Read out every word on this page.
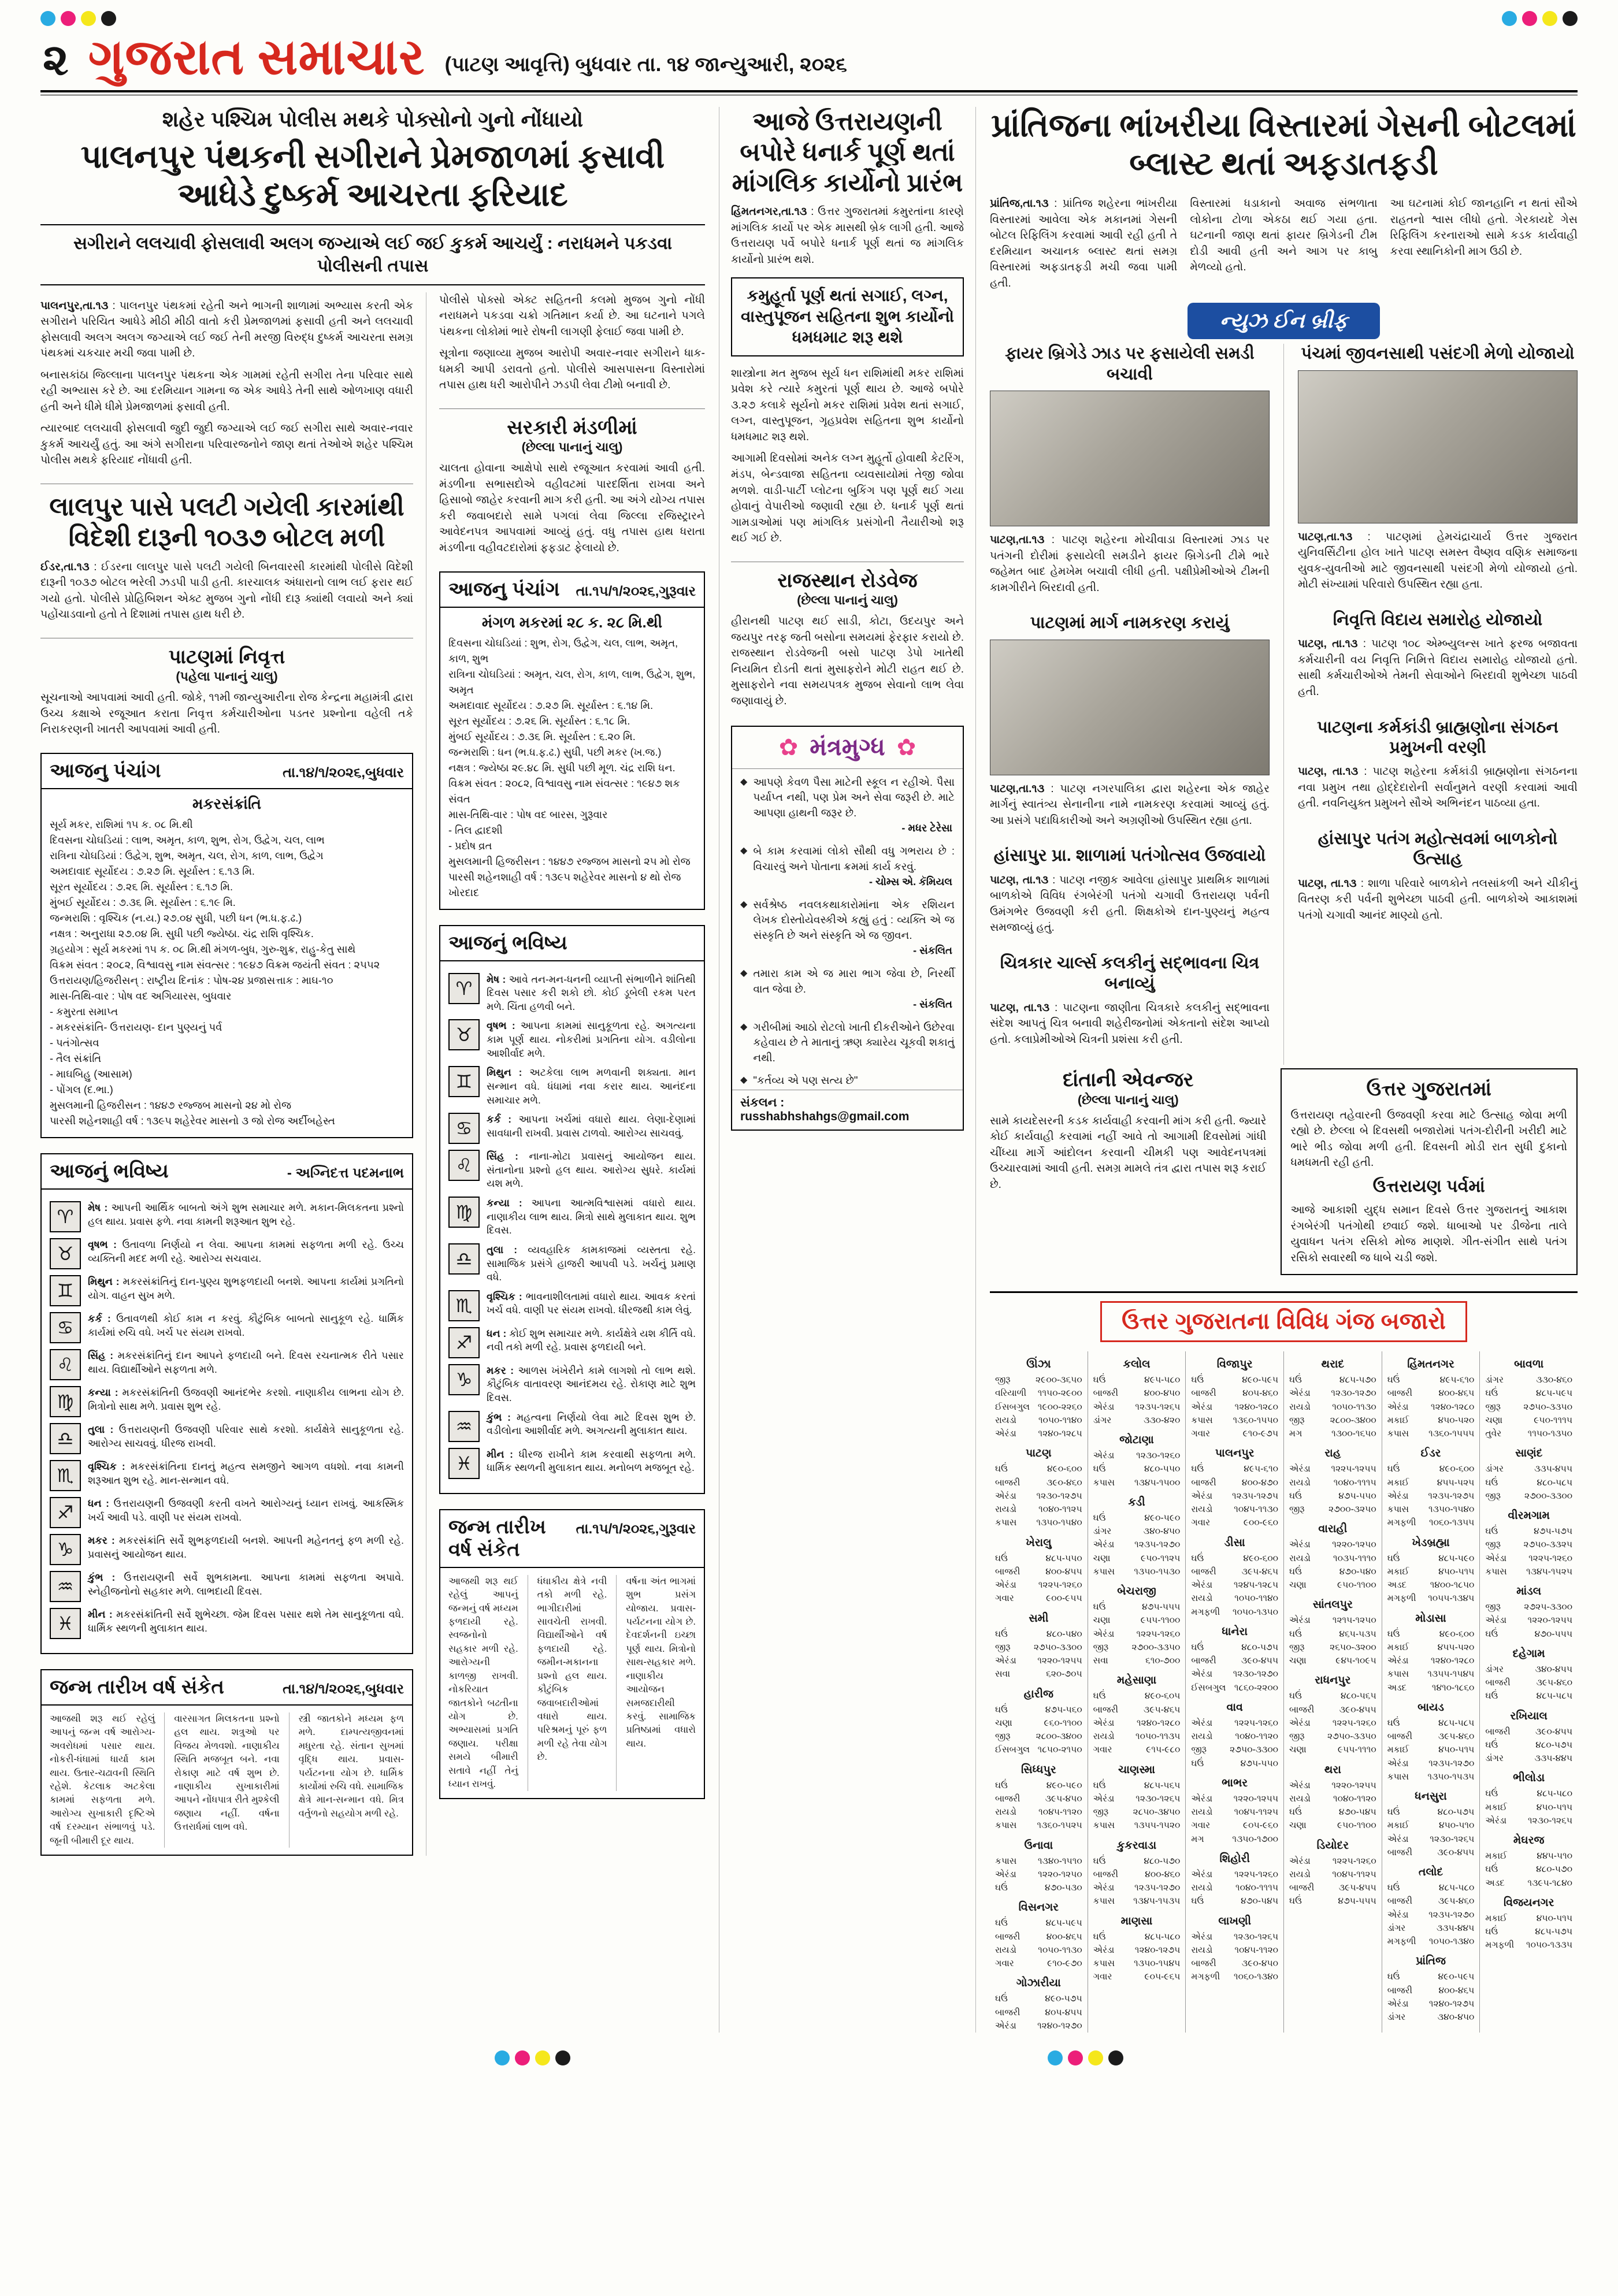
૨ ગુજરાત સમાચાર (પાટણ આવૃત્તિ) બુધવાર તા. ૧૪ જાન્યુઆરી, ૨૦૨૬
શહેર પશ્ચિમ પોલીસ મથકે પોક્સોનો ગુનો નોંધાયો
પાલનપુર પંથકની સગીરાને પ્રેમજાળમાં ફસાવી આધેડે દુષ્કર્મ આચરતા ફરિયાદ
સગીરાને લલચાવી ફોસલાવી અલગ જગ્યાએ લઈ જઈ કુકર્મ આચર્યું : નરાધમને પકડવા પોલીસની તપાસ

પાલનપુર,તા.૧૩ : પાલનપુર પંથકમાં રહેતી અને ભાગની શાળામાં અભ્યાસ કરતી એક સગીરાને પરિચિત આધેડે મીઠી મીઠી વાતો કરી પ્રેમજાળમાં ફસાવી હતી અને લલચાવી ફોસલાવી અલગ અલગ જગ્યાએ લઈ જઈ તેની મરજી વિરુદ્ધ દુષ્કર્મ આચરતા સમગ્ર પંથકમાં ચકચાર મચી જવા પામી છે.

બનાસકાંઠા જિલ્લાના પાલનપુર પંથકના એક ગામમાં રહેતી સગીરા તેના પરિવાર સાથે રહી અભ્યાસ કરે છે. આ દરમિયાન ગામના જ એક આધેડે તેની સાથે ઓળખાણ વધારી હતી અને ધીમે ધીમે પ્રેમજાળમાં ફસાવી હતી.

ત્યારબાદ લલચાવી ફોસલાવી જુદી જુદી જગ્યાએ લઈ જઈ સગીરા સાથે અવાર-નવાર કુકર્મ આચર્યું હતું. આ અંગે સગીરાના પરિવારજનોને જાણ થતાં તેઓએ શહેર પશ્ચિમ પોલીસ મથકે ફરિયાદ નોંધાવી હતી.

લાલપુર પાસે પલટી ગયેલી કારમાંથી વિદેશી દારૂની ૧૦૩૭ બોટલ મળી

ઈડર,તા.૧૩ : ઈડરના લાલપુર પાસે પલટી ગયેલી બિનવારસી કારમાંથી પોલીસે વિદેશી દારૂની ૧૦૩૭ બોટલ ભરેલી ઝડપી પાડી હતી. કારચાલક અંધારાનો લાભ લઈ ફરાર થઈ ગયો હતો. પોલીસે પ્રોહિબિશન એક્ટ મુજબ ગુનો નોંધી દારૂ ક્યાંથી લવાયો અને ક્યાં પહોંચાડવાનો હતો તે દિશામાં તપાસ હાથ ધરી છે.

પાટણમાં નિવૃત્ત
(પહેલા પાનાનું ચાલુ)

સૂચનાઓ આપવામાં આવી હતી. જોકે, ૧૧મી જાન્યુઆરીના રોજ કેન્દ્રના મહામંત્રી દ્વારા ઉચ્ચ કક્ષાએ રજૂઆત કરાતા નિવૃત્ત કર્મચારીઓના પડતર પ્રશ્નોના વહેલી તકે નિરાકરણની ખાતરી આપવામાં આવી હતી.

આજનુ પંચાંગ	તા.૧૪/૧/૨૦૨૬,બુધવાર
મકરસંક્રાંતિ
સૂર્ય મકર, રાશિમાં ૧૫ ક. ૦૮ મિ.થી
દિવસના ચોઘડિયાં : લાભ, અમૃત, કાળ, શુભ, રોગ, ઉદ્વેગ, ચલ, લાભ
રાત્રિના ચોઘડિયાં : ઉદ્વેગ, શુભ, અમૃત, ચલ, રોગ, કાળ, લાભ, ઉદ્વેગ
અમદાવાદ સૂર્યોદય : ૭.૨૭ મિ. સૂર્યાસ્ત : ૬.૧૩ મિ.
સૂરત સૂર્યોદય : ૭.૨૬ મિ. સૂર્યાસ્ત : ૬.૧૭ મિ.
મુંબઈ સૂર્યોદય : ૭.૩૬ મિ. સૂર્યાસ્ત : ૬.૧૯ મિ.
જન્મરાશિ : વૃશ્ચિક (ન.ય.) ૨૭.૦૪ સુધી, પછી ધન (ભ.ધ.ફ.ઢ.)
નક્ષત્ર : અનુરાધા ૨૭.૦૪ મિ. સુધી પછી જ્યેષ્ઠા. ચંદ્ર રાશિ વૃશ્ચિક.
ગ્રહયોગ : સૂર્ય મકરમાં ૧૫ ક. ૦૮ મિ.થી મંગળ-બુધ, ગુરુ-શુક્ર, રાહુ-કેતુ સાથે
વિક્રમ સંવત : ૨૦૮૨, વિશ્વાવસુ નામ સંવત્સર : ૧૯૪૭ વિક્રમ જયંતી સંવત : ૨૫૫૨
ઉત્તરાયણ/હિજરીસન્ : રાષ્ટ્રીય દિનાંક : પોષ-૨૪ પ્રજાસત્તાક : માઘ-૧૦
માસ-તિથિ-વાર : પોષ વદ અગિયારસ, બુધવાર
- કમુરતા સમાપ્ત
- મકરસંક્રાંતિ- ઉત્તરાયણ- દાન પુણ્યનું પર્વ
- પતંગોત્સવ
- તૈલ સંક્રાંતિ
- માઘબિહુ (આસામ)
- પોંગલ (દ.ભા.)
મુસલમાની હિજરીસન : ૧૪૪૭ રજ્જબ માસનો ૨૪ મો રોજ
પારસી શહેનશાહી વર્ષ : ૧૩૯૫ શહેરેવર માસનો ૩ જો રોજ અર્દીબહેસ્ત
આજનું ભવિષ્ય	- અગ્નિદત્ત પદમનાભ
♈	મેષ : આપની આર્થિક બાબતો અંગે શુભ સમાચાર મળે. મકાન-મિલકતના પ્રશ્નો હલ થાય. પ્રવાસ ફળે. નવા કામની શરૂઆત શુભ રહે.
♉	વૃષભ : ઉતાવળા નિર્ણયો ન લેવા. આપના કામમાં સફળતા મળી રહે. ઉચ્ચ વ્યક્તિની મદદ મળી રહે. આરોગ્ય સચવાય.
♊	મિથુન : મકરસંક્રાંતિનું દાન-પુણ્ય શુભફળદાયી બનશે. આપના કાર્યમાં પ્રગતિનો યોગ. વાહન સુખ મળે.
♋	કર્ક : ઉતાવળથી કોઈ કામ ન કરવું. કૌટુંબિક બાબતો સાનુકૂળ રહે. ધાર્મિક કાર્યમાં રુચિ વધે. ખર્ચ પર સંયમ રાખવો.
♌	સિંહ : મકરસંક્રાંતિનું દાન આપને ફળદાયી બને. દિવસ રચનાત્મક રીતે પસાર થાય. વિદ્યાર્થીઓને સફળતા મળે.
♍	કન્યા : મકરસંક્રાંતિની ઉજવણી આનંદભેર કરશો. નાણાકીય લાભના યોગ છે. મિત્રોનો સાથ મળે. પ્રવાસ શુભ રહે.
♎	તુલા : ઉત્તરાયણની ઉજવણી પરિવાર સાથે કરશો. કાર્યક્ષેત્રે સાનુકૂળતા રહે. આરોગ્ય સાચવવું. ધીરજ રાખવી.
♏	વૃશ્ચિક : મકરસંક્રાંતિના દાનનું મહત્વ સમજીને આગળ વધશો. નવા કામની શરૂઆત શુભ રહે. માન-સન્માન વધે.
♐	ધન : ઉત્તરાયણની ઉજવણી કરતી વખતે આરોગ્યનું ધ્યાન રાખવું. આકસ્મિક ખર્ચ આવી પડે. વાણી પર સંયમ રાખવો.
♑	મકર : મકરસંક્રાંતિ સર્વે શુભફળદાયી બનશે. આપની મહેનતનું ફળ મળી રહે. પ્રવાસનું આયોજન થાય.
♒	કુંભ : ઉત્તરાયણની સર્વે શુભકામના. આપના કામમાં સફળતા અપાવે. સ્નેહીજનોનો સહકાર મળે. લાભદાયી દિવસ.
♓	મીન : મકરસંક્રાંતિની સર્વે શુભેચ્છા. જેમ દિવસ પસાર થશે તેમ સાનુકૂળતા વધે. ધાર્મિક સ્થળની મુલાકાત થાય.
જન્મ તારીખ વર્ષ સંકેત	તા.૧૪/૧/૨૦૨૬,બુધવાર
આજથી શરૂ થઈ રહેલું આપનું જન્મ વર્ષ આરોગ્ય-અવરોધમાં પસાર થાય. નોકરી-ધંધામાં ધાર્યા કામ થાય. ઉતાર-ચઢાવની સ્થિતિ રહેશે. કેટલાક અટકેલા કામમાં સફળતા મળે. આરોગ્ય સુખાકારી દૃષ્ટિએ વર્ષ દરમ્યાન સંભાળવું પડે. જૂની બીમારી દૂર થાય.
વારસાગત મિલકતના પ્રશ્નો હલ થાય. શત્રુઓ પર વિજય મેળવશો. નાણાકીય સ્થિતિ મજબૂત બને. નવા રોકાણ માટે વર્ષ શુભ છે. નાણાકીય સુખાકારીમાં આપને નોંધપાત્ર રીતે મુશ્કેલી જણાય નહીં. વર્ષના ઉત્તરાર્ધમાં લાભ વધે.
સ્ત્રી જાતકોને મધ્યમ ફળ મળે. દામ્પત્યજીવનમાં મધુરતા રહે. સંતાન સુખમાં વૃદ્ધિ થાય. પ્રવાસ-પર્યટનના યોગ છે. ધાર્મિક કાર્યોમાં રુચિ વધે. સામાજિક ક્ષેત્રે માન-સન્માન વધે. મિત્ર વર્તુળનો સહયોગ મળી રહે.

પોલીસે પોક્સો એક્ટ સહિતની કલમો મુજબ ગુનો નોંધી નરાધમને પકડવા ચક્રો ગતિમાન કર્યા છે. આ ઘટનાને પગલે પંથકના લોકોમાં ભારે રોષની લાગણી ફેલાઈ જવા પામી છે.

સૂત્રોના જણાવ્યા મુજબ આરોપી અવાર-નવાર સગીરાને ધાક-ધમકી આપી ડરાવતો હતો. પોલીસે આસપાસના વિસ્તારોમાં તપાસ હાથ ધરી આરોપીને ઝડપી લેવા ટીમો બનાવી છે.

સરકારી મંડળીમાં
(છેલ્લા પાનાનું ચાલુ)

ચાલતા હોવાના આક્ષેપો સાથે રજૂઆત કરવામાં આવી હતી. મંડળીના સભાસદોએ વહીવટમાં પારદર્શિતા રાખવા અને હિસાબો જાહેર કરવાની માગ કરી હતી. આ અંગે યોગ્ય તપાસ કરી જવાબદારો સામે પગલાં લેવા જિલ્લા રજિસ્ટ્રારને આવેદનપત્ર આપવામાં આવ્યું હતું. વધુ તપાસ હાથ ધરાતા મંડળીના વહીવટદારોમાં ફફડાટ ફેલાયો છે.

આજનુ પંચાંગ તા.૧૫/૧/૨૦૨૬,ગુરૂવાર
મંગળ મકરમાં ૨૮ ક. ૨૮ મિ.થી
દિવસના ચોઘડિયાં : શુભ, રોગ, ઉદ્વેગ, ચલ, લાભ, અમૃત, કાળ, શુભ
રાત્રિના ચોઘડિયાં : અમૃત, ચલ, રોગ, કાળ, લાભ, ઉદ્વેગ, શુભ, અમૃત
અમદાવાદ સૂર્યોદય : ૭.૨૭ મિ. સૂર્યાસ્ત : ૬.૧૪ મિ.
સૂરત સૂર્યોદય : ૭.૨૬ મિ. સૂર્યાસ્ત : ૬.૧૮ મિ.
મુંબઈ સૂર્યોદય : ૭.૩૬ મિ. સૂર્યાસ્ત : ૬.૨૦ મિ.
જન્મરાશિ : ધન (ભ.ધ.ફ.ઢ.) સુધી, પછી મકર (ખ.જ.)
નક્ષત્ર : જ્યેષ્ઠા ૨૯.૪૮ મિ. સુધી પછી મૂળ. ચંદ્ર રાશિ ધન.
વિક્રમ સંવત : ૨૦૮૨, વિશ્વાવસુ નામ સંવત્સર : ૧૯૪૭ શક સંવત
માસ-તિથિ-વાર : પોષ વદ બારસ, ગુરૂવાર
- તિલ દ્વાદશી
- પ્રદોષ વ્રત
મુસલમાની હિજરીસન : ૧૪૪૭ રજ્જબ માસનો ૨૫ મો રોજ
પારસી શહેનશાહી વર્ષ : ૧૩૯૫ શહેરેવર માસનો ૪ થો રોજ ખોરદાદ
આજનું ભવિષ્ય
♈	મેષ : આવે તન-મન-ધનની વ્યાપ્તી સંભાળીને શાંતિથી દિવસ પસાર કરી શકો છો. કોઈ ડૂબેલી રકમ પરત મળે. ચિંતા હળવી બને.
♉	વૃષભ : આપના કામમાં સાનુકૂળતા રહે. અગત્યના કામ પૂર્ણ થાય. નોકરીમાં પ્રગતિના યોગ. વડીલોના આશીર્વાદ મળે.
♊	મિથુન : અટકેલા લાભ મળવાની શક્યતા. માન સન્માન વધે. ધંધામાં નવા કરાર થાય. આનંદના સમાચાર મળે.
♋	કર્ક : આપના ખર્ચમાં વધારો થાય. લેણા-દેણામાં સાવધાની રાખવી. પ્રવાસ ટાળવો. આરોગ્ય સાચવવું.
♌	સિંહ : નાના-મોટા પ્રવાસનું આયોજન થાય. સંતાનોના પ્રશ્નો હલ થાય. આરોગ્ય સુધરે. કાર્યમાં યશ મળે.
♍	કન્યા : આપના આત્મવિશ્વાસમાં વધારો થાય. નાણાકીય લાભ થાય. મિત્રો સાથે મુલાકાત થાય. શુભ દિવસ.
♎	તુલા : વ્યવહારિક કામકાજમાં વ્યસ્તતા રહે. સામાજિક પ્રસંગે હાજરી આપવી પડે. ખર્ચનું પ્રમાણ વધે.
♏	વૃશ્ચિક : ભાવનાશીલતામાં વધારો થાય. આવક કરતાં ખર્ચ વધે. વાણી પર સંયમ રાખવો. ધીરજથી કામ લેવું.
♐	ધન : કોઈ શુભ સમાચાર મળે. કાર્યક્ષેત્રે યશ કીર્તિ વધે. નવી તકો મળી રહે. પ્રવાસ ફળદાયી બને.
♑	મકર : આળસ ખંખેરીને કામે લાગશો તો લાભ થશે. કૌટુંબિક વાતાવરણ આનંદમય રહે. રોકાણ માટે શુભ દિવસ.
♒	કુંભ : મહત્વના નિર્ણયો લેવા માટે દિવસ શુભ છે. વડીલોના આશીર્વાદ મળે. અગત્યની મુલાકાત થાય.
♓	મીન : ધીરજ રાખીને કામ કરવાથી સફળતા મળે. ધાર્મિક સ્થળની મુલાકાત થાય. મનોબળ મજબૂત રહે.
જન્મ તારીખ વર્ષ સંકેત
તા.૧૫/૧/૨૦૨૬,ગુરૂવાર
આજથી શરૂ થઈ રહેલું આપનું જન્મનું વર્ષ મધ્યમ ફળદાયી રહે. સ્વજનોનો સહકાર મળી રહે. આરોગ્યની કાળજી રાખવી. નોકરિયાત જાતકોને બઢતીના યોગ છે. અભ્યાસમાં પ્રગતિ જણાય. પરીક્ષા સમયે બીમારી સતાવે નહીં તેનું ધ્યાન રાખવું.
ધંધાકીય ક્ષેત્રે નવી તકો મળી રહે. ભાગીદારીમાં સાવચેતી રાખવી. વિદ્યાર્થીઓને વર્ષ ફળદાયી રહે. જમીન-મકાનના પ્રશ્નો હલ થાય. કૌટુંબિક જવાબદારીઓમાં વધારો થાય. પરિશ્રમનું પૂરું ફળ મળી રહે તેવા યોગ છે.
વર્ષના અંત ભાગમાં શુભ પ્રસંગ યોજાય. પ્રવાસ-પર્યટનના યોગ છે. દેવદર્શનની ઇચ્છા પૂર્ણ થાય. મિત્રોનો સાથ-સહકાર મળે. નાણાકીય આયોજન સમજદારીથી કરવું. સામાજિક પ્રતિષ્ઠામાં વધારો થાય.
આજે ઉત્તરાયણની બપોરે ધનાર્ક પૂર્ણ થતાં માંગલિક કાર્યોનો પ્રારંભ

હિંમતનગર,તા.૧૩ : ઉત્તર ગુજરાતમાં કમુરતાંના કારણે માંગલિક કાર્યો પર એક માસથી બ્રેક લાગી હતી. આજે ઉત્તરાયણ પર્વે બપોરે ધનાર્ક પૂર્ણ થતાં જ માંગલિક કાર્યોનો પ્રારંભ થશે.

કમુહૂર્તા પૂર્ણ થતાં સગાઈ, લગ્ન, વાસ્તુપૂજન સહિતના શુભ કાર્યોનો ધમધમાટ શરૂ થશે

શાસ્ત્રોના મત મુજબ સૂર્ય ધન રાશિમાંથી મકર રાશિમાં પ્રવેશ કરે ત્યારે કમુરતાં પૂર્ણ થાય છે. આજે બપોરે ૩.૨૭ કલાકે સૂર્યનો મકર રાશિમાં પ્રવેશ થતાં સગાઈ, લગ્ન, વાસ્તુપૂજન, ગૃહપ્રવેશ સહિતના શુભ કાર્યોનો ધમધમાટ શરૂ થશે.

આગામી દિવસોમાં અનેક લગ્ન મુહૂર્તો હોવાથી કેટરિંગ, મંડપ, બેન્ડવાજા સહિતના વ્યવસાયોમાં તેજી જોવા મળશે. વાડી-પાર્ટી પ્લોટના બુકિંગ પણ પૂર્ણ થઈ ગયા હોવાનું વેપારીઓ જણાવી રહ્યા છે. ધનાર્ક પૂર્ણ થતાં ગામડાઓમાં પણ માંગલિક પ્રસંગોની તૈયારીઓ શરૂ થઈ ગઈ છે.

રાજસ્થાન રોડવેજ
(છેલ્લા પાનાનું ચાલુ)

હીરાનથી પાટણ થઈ સાડી, કોટા, ઉદયપુર અને જયપુર તરફ જતી બસોના સમયમાં ફેરફાર કરાયો છે. રાજસ્થાન રોડવેજની બસો પાટણ ડેપો ખાતેથી નિયમિત દોડતી થતાં મુસાફરોને મોટી રાહત થઈ છે. મુસાફરોને નવા સમયપત્રક મુજબ સેવાનો લાભ લેવા જણાવાયું છે.

✿ મંત્રમુગ્ધ ✿
◆ આપણે કેવળ પૈસા માટેની સ્કૂલ ન રહીએ. પૈસા પર્યાપ્ત નથી, પણ પ્રેમ અને સેવા જરૂરી છે. માટે આપણા હાથની જરૂર છે.
- મધર ટેરેસા
◆ બે કામ કરવામાં લોકો સૌથી વધુ ગભરાય છે : વિચારવું અને પોતાના ક્રમમાં કાર્ય કરવું.
- ચોમ્સ એ. કૅમિયલ
◆ સર્વશ્રેષ્ઠ નવલકથાકારોમાંના એક રશિયન લેખક દોસ્તોયેવસ્કીએ કહ્યું હતું : વ્યક્તિ એ જ સંસ્કૃતિ છે અને સંસ્કૃતિ એ જ જીવન.
- સંકલિત
◆ તમારા કામ એ જ મારા ભાગ જેવા છે, નિરર્થી વાત જેવા છે.
- સંકલિત
◆ ગરીબીમાં આઠો રોટલો ખાતી દીકરીઓને ઉછેરવા કહેવાય છે તે માતાનું ઋણ ક્યારેય ચૂકવી શકાતું નથી.
◆ "કર્તવ્ય એ પણ સત્ય છે"
સંકલન : russhabhshahgs@gmail.com
પ્રાંતિજના ભાંખરીયા વિસ્તારમાં ગેસની બોટલમાં બ્લાસ્ટ થતાં અફડાતફડી

પ્રાંતિજ,તા.૧૩ : પ્રાંતિજ શહેરના ભાંખરીયા વિસ્તારમાં આવેલા એક મકાનમાં ગેસની બોટલ રિફિલિંગ કરવામાં આવી રહી હતી તે દરમિયાન અચાનક બ્લાસ્ટ થતાં સમગ્ર વિસ્તારમાં અફડાતફડી મચી જવા પામી હતી.

વિસ્તારમાં ધડાકાનો અવાજ સંભળાતા લોકોના ટોળા એકઠા થઈ ગયા હતા. ઘટનાની જાણ થતાં ફાયર બ્રિગેડની ટીમ દોડી આવી હતી અને આગ પર કાબુ મેળવ્યો હતો.

આ ઘટનામાં કોઈ જાનહાનિ ન થતાં સૌએ રાહતનો શ્વાસ લીધો હતો. ગેરકાયદે ગેસ રિફિલિંગ કરનારાઓ સામે કડક કાર્યવાહી કરવા સ્થાનિકોની માગ ઉઠી છે.

ન્યુઝ ઈન બ્રીફ
ફાયર બ્રિગેડે ઝાડ પર ફસાયેલી સમડી બચાવી

પાટણ,તા.૧૩ : પાટણ શહેરના મોચીવાડા વિસ્તારમાં ઝાડ પર પતંગની દોરીમાં ફસાયેલી સમડીને ફાયર બ્રિગેડની ટીમે ભારે જહેમત બાદ હેમખેમ બચાવી લીધી હતી. પક્ષીપ્રેમીઓએ ટીમની કામગીરીને બિરદાવી હતી.

પાટણમાં માર્ગ નામકરણ કરાયું

પાટણ,તા.૧૩ : પાટણ નગરપાલિકા દ્વારા શહેરના એક જાહેર માર્ગનું સ્વાતંત્ર્ય સેનાનીના નામે નામકરણ કરવામાં આવ્યું હતું. આ પ્રસંગે પદાધિકારીઓ અને અગ્રણીઓ ઉપસ્થિત રહ્યા હતા.

હાંસાપુર પ્રા. શાળામાં પતંગોત્સવ ઉજવાયો

પાટણ, તા.૧૩ : પાટણ નજીક આવેલા હાંસાપુર પ્રાથમિક શાળામાં બાળકોએ વિવિધ રંગબેરંગી પતંગો ચગાવી ઉત્તરાયણ પર્વની ઉમંગભેર ઉજવણી કરી હતી. શિક્ષકોએ દાન-પુણ્યનું મહત્વ સમજાવ્યું હતું.

ચિત્રકાર ચાર્લ્સ કલકીનું સદ્ભાવના ચિત્ર બનાવ્યું

પાટણ, તા.૧૩ : પાટણના જાણીતા ચિત્રકારે કલકીનું સદ્ભાવના સંદેશ આપતું ચિત્ર બનાવી શહેરીજનોમાં એકતાનો સંદેશ આપ્યો હતો. કલાપ્રેમીઓએ ચિત્રની પ્રશંસા કરી હતી.

પંચમાં જીવનસાથી પસંદગી મેળો યોજાયો

પાટણ,તા.૧૩ : પાટણમાં હેમચંદ્રાચાર્ય ઉત્તર ગુજરાત યુનિવર્સિટીના હોલ ખાતે પાટણ સમસ્ત વૈષ્ણવ વણિક સમાજના યુવક-યુવતીઓ માટે જીવનસાથી પસંદગી મેળો યોજાયો હતો. મોટી સંખ્યામાં પરિવારો ઉપસ્થિત રહ્યા હતા.

નિવૃત્તિ વિદાય સમારોહ યોજાયો

પાટણ, તા.૧૩ : પાટણ ૧૦૮ એમ્બ્યુલન્સ ખાતે ફરજ બજાવતા કર્મચારીની વય નિવૃત્તિ નિમિત્તે વિદાય સમારોહ યોજાયો હતો. સાથી કર્મચારીઓએ તેમની સેવાઓને બિરદાવી શુભેચ્છા પાઠવી હતી.

પાટણના કર્મકાંડી બ્રાહ્મણોના સંગઠન પ્રમુખની વરણી

પાટણ, તા.૧૩ : પાટણ શહેરના કર્મકાંડી બ્રાહ્મણોના સંગઠનના નવા પ્રમુખ તથા હોદ્દેદારોની સર્વાનુમતે વરણી કરવામાં આવી હતી. નવનિયુક્ત પ્રમુખને સૌએ અભિનંદન પાઠવ્યા હતા.

હાંસાપુર પતંગ મહોત્સવમાં બાળકોનો ઉત્સાહ

પાટણ, તા.૧૩ : શાળા પરિવારે બાળકોને તલસાંકળી અને ચીકીનું વિતરણ કરી પર્વની શુભેચ્છા પાઠવી હતી. બાળકોએ આકાશમાં પતંગો ચગાવી આનંદ માણ્યો હતો.

દાંતાની એવન્જર
(છેલ્લા પાનાનું ચાલુ)

સામે કાયદેસરની કડક કાર્યવાહી કરવાની માંગ કરી હતી. જ્યારે કોઈ કાર્યવાહી કરવામાં નહીં આવે તો આગામી દિવસોમાં ગાંધી ચીંધ્યા માર્ગે આંદોલન કરવાની ચીમકી પણ આવેદનપત્રમાં ઉચ્ચારવામાં આવી હતી. સમગ્ર મામલે તંત્ર દ્વારા તપાસ શરૂ કરાઈ છે.

ઉત્તર ગુજરાતમાં

ઉત્તરાયણ તહેવારની ઉજવણી કરવા માટે ઉત્સાહ જોવા મળી રહ્યો છે. છેલ્લા બે દિવસથી બજારોમાં પતંગ-દોરીની ખરીદી માટે ભારે ભીડ જોવા મળી હતી. દિવસની મોડી રાત સુધી દુકાનો ધમધમતી રહી હતી.

ઉત્તરાયણ પર્વમાં

આજે આકાશી યુદ્ધ સમાન દિવસે ઉત્તર ગુજરાતનું આકાશ રંગબેરંગી પતંગોથી છવાઈ જશે. ધાબાઓ પર ડીજેના તાલે યુવાધન પતંગ રસિકો મોજ માણશે. ગીત-સંગીત સાથે પતંગ રસિકો સવારથી જ ધાબે ચડી જશે.

ઉત્તર ગુજરાતના વિવિધ ગંજ બજારો
ઊંઝા
જીરૂ	૨૯૦૦-૩૬૫૦
વરિયાળી ૧૧૫૦-૨૯૦૦
ઈસબગુલ ૧૯૦૦-૨૨૬૦
રાયડો ૧૦૫૦-૧૧૪૦
એરંડા ૧૨૪૦-૧૨૮૫
પાટણ
ઘઉં	૪૯૦-૬૦૦
બાજરી	૩૯૦-૪૬૦
એરંડા ૧૨૩૦-૧૨૭૫
રાયડો ૧૦૪૦-૧૧૨૫
કપાસ ૧૩૫૦-૧૫૪૦
ખેરાલુ
ઘઉં	૪૮૫-૫૫૦
બાજરી	૪૦૦-૪૫૫
એરંડા ૧૨૨૫-૧૨૬૦
ગવાર	૯૦૦-૯૫૫
સમી
ઘઉં	૪૮૦-૫૪૦
જીરૂ	૨૭૫૦-૩૩૦૦
એરંડા ૧૨૨૦-૧૨૫૫
સવા	૬૨૦-૭૦૫
હારીજ
ઘઉં	૪૭૫-૫૬૦
ચણા	૯૬૦-૧૧૦૦
જીરૂ	૨૮૦૦-૩૪૦૦
ઈસબગુલ ૧૮૫૦-૨૧૫૦
સિધ્ધપુર
ઘઉં	૪૯૦-૫૯૦
બાજરી	૩૯૫-૪૫૦
રાયડો ૧૦૪૫-૧૧૨૦
કપાસ ૧૩૬૦-૧૫૨૫
ઉનાવા
કપાસ ૧૩૪૦-૧૫૧૦
એરંડા ૧૨૨૦-૧૨૫૦
ઘઉં	૪૭૦-૫૩૦
વિસનગર
ઘઉં	૪૮૫-૫૯૫
બાજરી	૪૦૦-૪૬૫
રાયડો ૧૦૫૦-૧૧૩૦
ગવાર	૯૧૦-૯૭૦
ગોઝારીયા
ઘઉં	૪૯૦-૫૭૫
બાજરી	૪૦૫-૪૫૫
એરંડા ૧૨૪૦-૧૨૭૦
કલોલ
ઘઉં	૪૯૫-૫૮૦
બાજરી	૪૦૦-૪૫૦
એરંડા ૧૨૩૫-૧૨૬૫
ડાંગર	૩૩૦-૪૨૦
જોટાણા
એરંડા ૧૨૩૦-૧૨૬૦
ઘઉં	૪૮૦-૫૫૦
કપાસ ૧૩૪૫-૧૫૦૦
કડી
ઘઉં	૪૯૦-૫૯૦
ડાંગર	૩૪૦-૪૫૦
એરંડા ૧૨૩૫-૧૨૭૦
ચણા	૯૫૦-૧૧૨૫
કપાસ ૧૩૫૦-૧૫૩૦
બેચરાજી
ઘઉં	૪૭૫-૫૫૫
ચણા	૯૫૫-૧૧૦૦
એરંડા ૧૨૨૫-૧૨૬૦
જીરૂ	૨૭૦૦-૩૩૫૦
સવા	૬૧૦-૭૦૦
મહેસાણા
ઘઉં	૪૯૦-૬૦૫
બાજરી	૩૯૫-૪૬૫
એરંડા ૧૨૪૦-૧૨૮૦
રાયડો ૧૦૫૦-૧૧૩૫
ગવાર	૯૧૫-૯૮૦
ચાણસ્મા
ઘઉં	૪૮૫-૫૬૫
એરંડા ૧૨૩૦-૧૨૬૫
જીરૂ	૨૮૫૦-૩૪૫૦
કપાસ ૧૩૫૫-૧૫૨૦
કુકરવાડા
ઘઉં	૪૮૦-૫૭૦
બાજરી	૪૦૦-૪૬૦
એરંડા ૧૨૩૫-૧૨૭૦
કપાસ ૧૩૪૫-૧૫૩૫
માણસા
ઘઉં	૪૮૫-૫૮૦
એરંડા ૧૨૪૦-૧૨૭૫
કપાસ ૧૩૫૦-૧૫૪૫
ગવાર	૯૦૫-૯૬૫
વિજાપુર
ઘઉં	૪૯૦-૫૯૫
બાજરી	૪૦૫-૪૬૦
એરંડા ૧૨૪૦-૧૨૮૦
કપાસ ૧૩૬૦-૧૫૫૦
ગવાર	૯૧૦-૯૭૫
પાલનપુર
ઘઉં	૪૯૫-૬૧૦
બાજરી	૪૦૦-૪૭૦
એરંડા ૧૨૩૫-૧૨૭૫
રાયડો ૧૦૪૫-૧૧૩૦
ગવાર	૯૦૦-૯૬૦
ડીસા
ઘઉં	૪૯૦-૬૦૦
બાજરી	૩૯૫-૪૬૫
એરંડા ૧૨૪૫-૧૨૮૫
રાયડો ૧૦૫૦-૧૧૪૦
મગફળી ૧૦૫૦-૧૩૫૦
ધાનેરા
ઘઉં	૪૮૦-૫૭૫
બાજરી	૩૯૦-૪૫૫
એરંડા ૧૨૩૦-૧૨૭૦
ઈસબગુલ ૧૮૬૦-૨૨૦૦
વાવ
એરંડા ૧૨૨૫-૧૨૬૦
રાયડો	૧૦૪૦-૧૧૨૦
જીરૂ	૨૭૫૦-૩૩૦૦
ઘઉં	૪૭૫-૫૫૦
ભાભર
એરંડા ૧૨૨૦-૧૨૫૫
રાયડો ૧૦૪૫-૧૧૨૫
ગવાર	૯૦૫-૯૬૦
મગ	૧૩૫૦-૧૭૦૦
શિહોરી
એરંડા ૧૨૨૫-૧૨૬૦
રાયડો	૧૦૪૦-૧૧૧૫
ઘઉં	૪૭૦-૫૪૫
લાખણી
એરંડા ૧૨૩૦-૧૨૬૫
રાયડો ૧૦૪૫-૧૧૨૦
બાજરી	૩૯૦-૪૫૦
મગફળી ૧૦૬૦-૧૩૪૦
થરાદ
ઘઉં	૪૮૫-૫૭૦
એરંડા ૧૨૩૦-૧૨૭૦
રાયડો ૧૦૫૦-૧૧૩૦
જીરૂ	૨૮૦૦-૩૪૦૦
મગ	૧૩૦૦-૧૬૫૦
રાહ
એરંડા ૧૨૨૫-૧૨૫૫
રાયડો	૧૦૪૦-૧૧૧૫
ઘઉં	૪૭૫-૫૫૦
જીરૂ	૨૭૦૦-૩૨૫૦
વારાહી
એરંડા ૧૨૨૦-૧૨૫૦
રાયડો	૧૦૩૫-૧૧૧૦
ઘઉં	૪૭૦-૫૪૦
ચણા	૯૫૦-૧૧૦૦
સાંતલપુર
એરંડા ૧૨૧૫-૧૨૫૦
ઘઉં	૪૬૫-૫૩૫
જીરૂ	૨૬૫૦-૩૨૦૦
ચણા	૯૪૫-૧૦૯૫
રાધનપુર
ઘઉં	૪૮૦-૫૬૫
બાજરી	૩૯૦-૪૫૫
એરંડા ૧૨૨૫-૧૨૬૦
જીરૂ	૨૭૫૦-૩૩૫૦
ચણા	૯૫૫-૧૧૧૦
થરા
એરંડા ૧૨૨૦-૧૨૫૫
રાયડો	૧૦૪૦-૧૧૨૦
ઘઉં	૪૭૦-૫૪૫
ચણા	૯૫૦-૧૧૦૦
ડિયોદર
એરંડા ૧૨૨૫-૧૨૬૦
રાયડો ૧૦૪૫-૧૧૨૫
બાજરી	૩૯૫-૪૫૫
ઘઉં	૪૭૫-૫૫૫
હિંમતનગર
ઘઉં	૪૯૫-૬૧૦
બાજરી	૪૦૦-૪૬૫
એરંડા ૧૨૪૦-૧૨૮૦
મકાઈ	૪૫૦-૫૨૦
કપાસ ૧૩૬૦-૧૫૫૫
ઈડર
ઘઉં	૪૯૦-૬૦૦
મકાઈ	૪૫૫-૫૨૫
એરંડા ૧૨૩૫-૧૨૭૫
કપાસ ૧૩૫૦-૧૫૪૦
મગફળી ૧૦૬૦-૧૩૫૫
ખેડબ્રહ્મા
ઘઉં	૪૮૫-૫૯૦
મકાઈ	૪૫૦-૫૧૫
અડદ	૧૪૦૦-૧૮૫૦
મગફળી ૧૦૫૫-૧૩૪૫
મોડાસા
ઘઉં	૪૯૦-૬૦૦
મકાઈ	૪૫૫-૫૨૦
એરંડા ૧૨૪૦-૧૨૮૦
કપાસ ૧૩૫૫-૧૫૪૫
અડદ	૧૪૧૦-૧૮૬૦
બાયડ
ઘઉં	૪૮૫-૫૮૫
બાજરી	૩૯૫-૪૬૦
મકાઈ	૪૫૦-૫૧૫
એરંડા ૧૨૩૫-૧૨૭૦
કપાસ ૧૩૫૦-૧૫૩૫
ધનસુરા
ઘઉં	૪૮૦-૫૭૫
મકાઈ	૪૫૦-૫૧૦
એરંડા ૧૨૩૦-૧૨૬૫
બાજરી	૩૯૦-૪૫૫
તલોદ
ઘઉં	૪૮૫-૫૮૦
બાજરી	૩૯૫-૪૬૦
એરંડા ૧૨૩૫-૧૨૭૦
ડાંગર	૩૩૫-૪૪૫
મગફળી ૧૦૫૦-૧૩૪૦
પ્રાંતિજ
ઘઉં	૪૯૦-૫૯૫
બાજરી	૪૦૦-૪૬૫
એરંડા ૧૨૪૦-૧૨૭૫
ડાંગર	૩૪૦-૪૫૦
બાવળા
ડાંગર	૩૩૦-૪૬૦
ઘઉં	૪૮૫-૫૯૫
જીરૂ	૨૭૫૦-૩૩૫૦
ચણા	૯૫૦-૧૧૧૫
તુવેર	૧૧૫૦-૧૩૫૦
સાણંદ
ડાંગર	૩૩૫-૪૫૫
ઘઉં	૪૮૦-૫૮૫
જીરૂ	૨૭૦૦-૩૩૦૦
વીરમગામ
ઘઉં	૪૭૫-૫૭૫
જીરૂ	૨૭૫૦-૩૩૨૫
એરંડા ૧૨૨૫-૧૨૬૦
કપાસ ૧૩૪૫-૧૫૨૫
માંડલ
જીરૂ	૨૭૨૫-૩૩૦૦
એરંડા ૧૨૨૦-૧૨૫૫
ઘઉં	૪૭૦-૫૫૫
દહેગામ
ડાંગર	૩૪૦-૪૫૫
બાજરી	૩૯૫-૪૬૦
ઘઉં	૪૮૫-૫૮૫
રખિયાલ
બાજરી	૩૯૦-૪૫૫
ઘઉં	૪૮૦-૫૭૫
ડાંગર	૩૩૫-૪૪૫
ભીલોડા
ઘઉં	૪૮૫-૫૮૦
મકાઈ	૪૫૦-૫૧૫
એરંડા ૧૨૩૦-૧૨૬૫
મેઘરજ
મકાઈ	૪૪૫-૫૧૦
ઘઉં	૪૮૦-૫૭૦
અડદ	૧૩૯૫-૧૮૪૦
વિજયનગર
મકાઈ	૪૫૦-૫૧૫
ઘઉં	૪૮૫-૫૭૫
મગફળી ૧૦૫૦-૧૩૩૫
